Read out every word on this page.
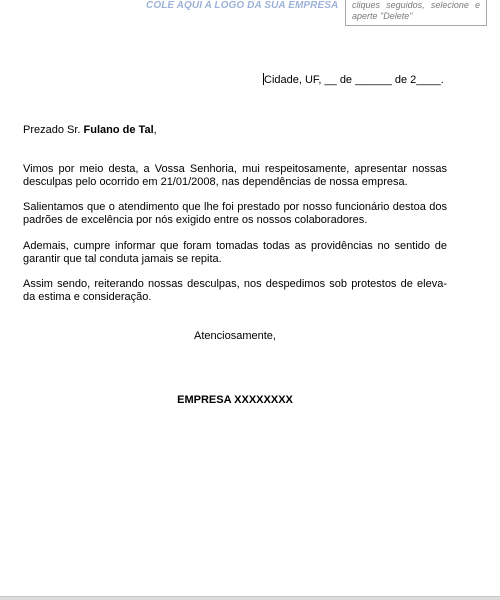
COLE AQUI A LOGO DA SUA EMPRESA cliques seguidos, selecione e
aperte "Delete"
Cidade, UF, __ de ______ de 2____.
Prezado Sr. Fulano de Tal,

Vimos por meio desta, a Vossa Senhoria, mui respeitosamente, apresentar nossas desculpas pelo ocorrido em 21/01/2008, nas dependências de nossa empresa.

Salientamos que o atendimento que lhe foi prestado por nosso funcionário destoa dos padrões de excelência por nós exigido entre os nossos colaboradores.

Ademais, cumpre informar que foram tomadas todas as providências no sentido de garantir que tal conduta jamais se repita.

Assim sendo, reiterando nossas desculpas, nos despedimos sob protestos de eleva-da estima e consideração.

Atenciosamente,
EMPRESA XXXXXXXX
